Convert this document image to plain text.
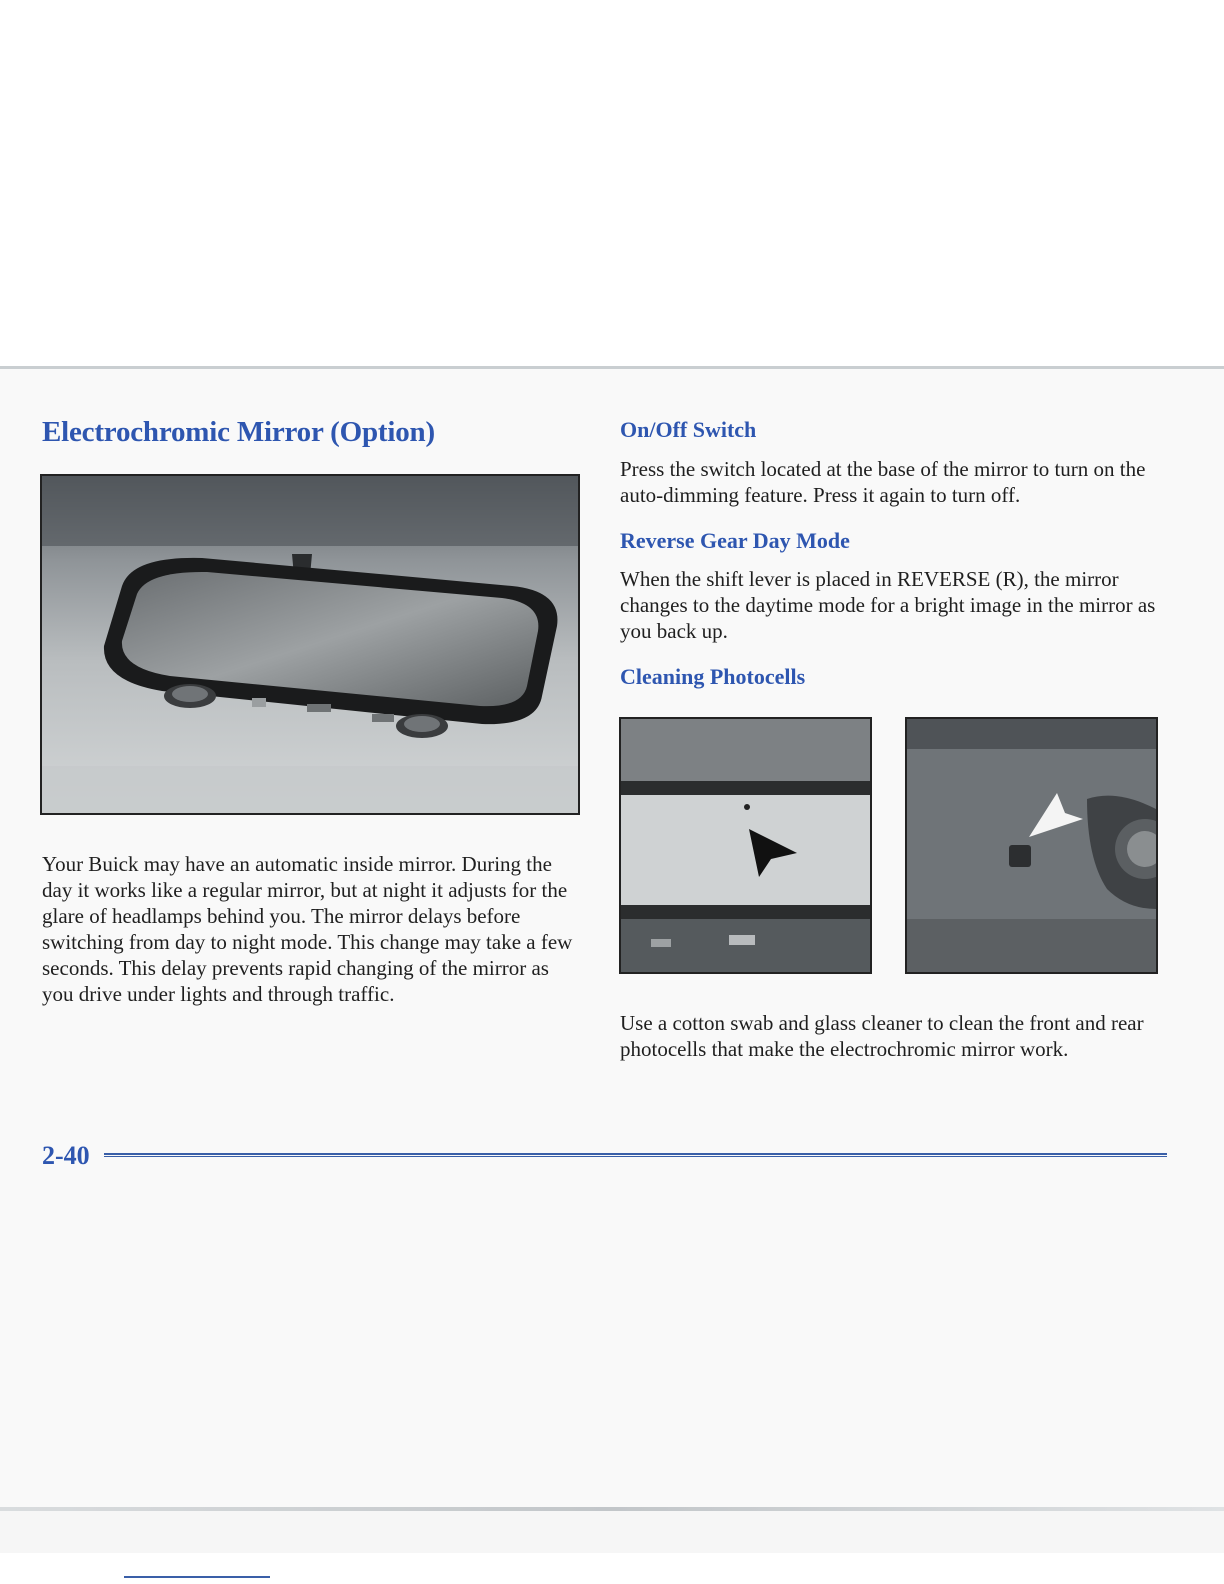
Electrochromic Mirror (Option)

Your Buick may have an automatic inside mirror. During the day it works like a regular mirror, but at night it adjusts for the glare of headlamps behind you. The mirror delays before switching from day to night mode. This change may take a few seconds. This delay prevents rapid changing of the mirror as you drive under lights and through traffic.

On/Off Switch

Press the switch located at the base of the mirror to turn on the auto-dimming feature. Press it again to turn off.

Reverse Gear Day Mode

When the shift lever is placed in REVERSE (R), the mirror changes to the daytime mode for a bright image in the mirror as you back up.

Cleaning Photocells

Use a cotton swab and glass cleaner to clean the front and rear photocells that make the electrochromic mirror work.

2-40
